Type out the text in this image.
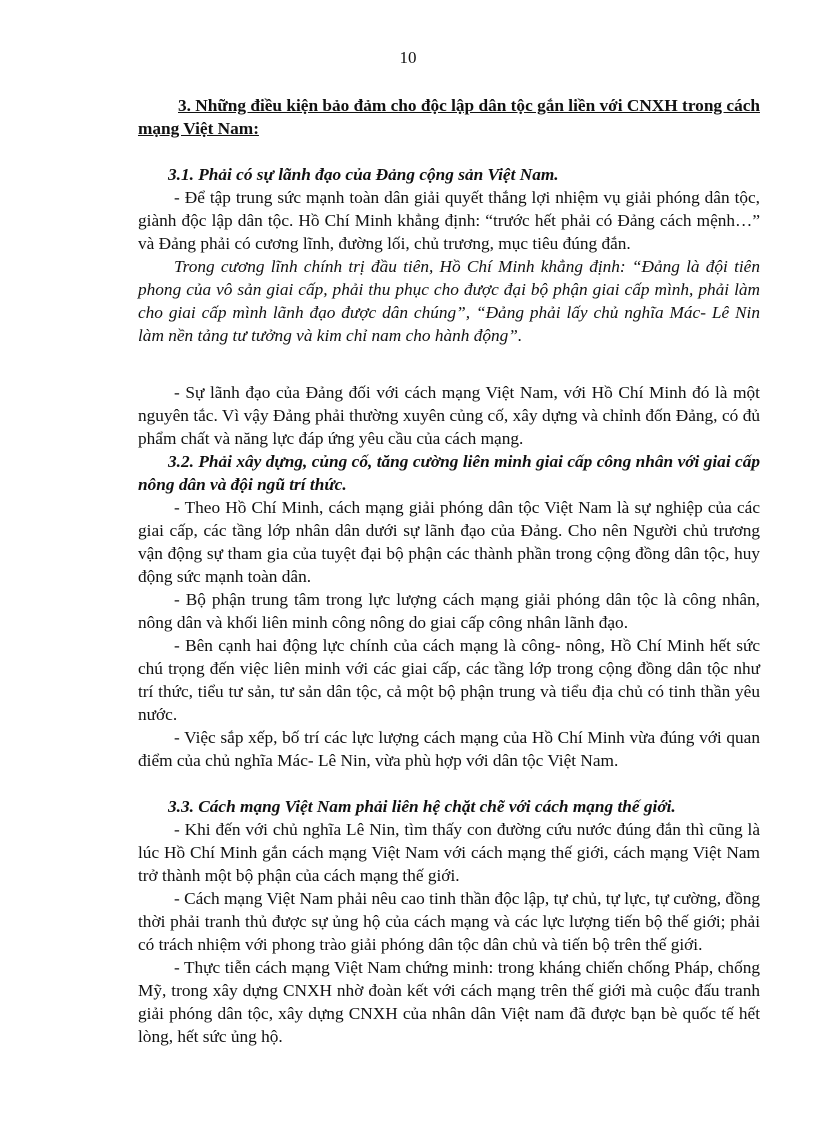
10

3. Những điều kiện bảo đảm cho độc lập dân tộc gắn liền với CNXH trong cách mạng Việt Nam:

3.1. Phải có sự lãnh đạo của Đảng cộng sản Việt Nam.

- Để tập trung sức mạnh toàn dân giải quyết thắng lợi nhiệm vụ giải phóng dân tộc, giành độc lập dân tộc. Hồ Chí Minh khẳng định: “trước hết phải có Đảng cách mệnh…” và Đảng phải có cương lĩnh, đường lối, chủ trương, mục tiêu đúng đắn.

Trong cương lĩnh chính trị đầu tiên, Hồ Chí Minh khẳng định: “Đảng là đội tiên phong của vô sản giai cấp, phải thu phục cho được đại bộ phận giai cấp mình, phải làm cho giai cấp mình lãnh đạo được dân chúng”, “Đảng phải lấy chủ nghĩa Mác- Lê Nin làm nền tảng tư tưởng và kim chỉ nam cho hành động”.

- Sự lãnh đạo của Đảng đối với cách mạng Việt Nam, với Hồ Chí Minh đó là một nguyên tắc. Vì vậy Đảng phải thường xuyên củng cố, xây dựng và chỉnh đốn Đảng, có đủ phẩm chất và năng lực đáp ứng yêu cầu của cách mạng.

3.2. Phải xây dựng, củng cố, tăng cường liên minh giai cấp công nhân với giai cấp nông dân và đội ngũ trí thức.

- Theo Hồ Chí Minh, cách mạng giải phóng dân tộc Việt Nam là sự nghiệp của các giai cấp, các tầng lớp nhân dân dưới sự lãnh đạo của Đảng. Cho nên Người chủ trương vận động sự tham gia của tuyệt đại bộ phận các thành phần trong cộng đồng dân tộc, huy động sức mạnh toàn dân.

- Bộ phận trung tâm trong lực lượng cách mạng giải phóng dân tộc là công nhân, nông dân và khối liên minh công nông do giai cấp công nhân lãnh đạo.

- Bên cạnh hai động lực chính của cách mạng là công- nông, Hồ Chí Minh hết sức chú trọng đến việc liên minh với các giai cấp, các tầng lớp trong cộng đồng dân tộc như trí thức, tiểu tư sản, tư sản dân tộc, cả một bộ phận trung và tiểu địa chủ có tinh thần yêu nước.

- Việc sắp xếp, bố trí các lực lượng cách mạng của Hồ Chí Minh vừa đúng với quan điểm của chủ nghĩa Mác- Lê Nin, vừa phù hợp với dân tộc Việt Nam.

3.3. Cách mạng Việt Nam phải liên hệ chặt chẽ với cách mạng thế giới.

- Khi đến với chủ nghĩa Lê Nin, tìm thấy con đường cứu nước đúng đắn thì cũng là lúc Hồ Chí Minh gắn cách mạng Việt Nam với cách mạng thế giới, cách mạng Việt Nam trở thành một bộ phận của cách mạng thế giới.

- Cách mạng Việt Nam phải nêu cao tinh thần độc lập, tự chủ, tự lực, tự cường, đồng thời phải tranh thủ được sự ủng hộ của cách mạng và các lực lượng tiến bộ thế giới; phải có trách nhiệm với phong trào giải phóng dân tộc dân chủ và tiến bộ trên thế giới.

- Thực tiễn cách mạng Việt Nam chứng minh: trong kháng chiến chống Pháp, chống Mỹ, trong xây dựng CNXH nhờ đoàn kết với cách mạng trên thế giới mà cuộc đấu tranh giải phóng dân tộc, xây dựng CNXH của nhân dân Việt nam đã được bạn bè quốc tế hết lòng, hết sức ủng hộ.
